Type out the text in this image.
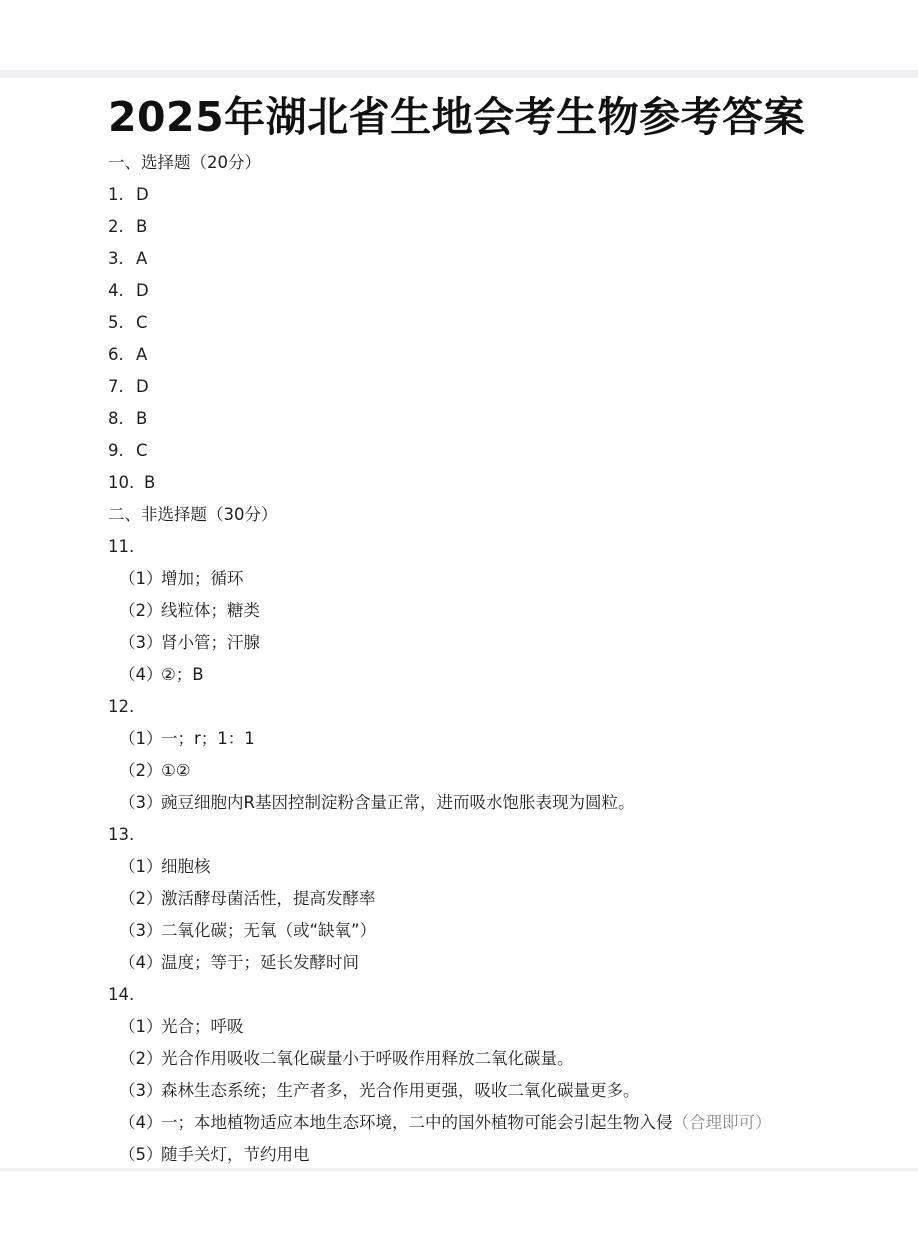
2025年湖北省生地会考生物参考答案
一、选择题（20分）
1. D
2. B
3. A
4. D
5. C
6. A
7. D
8. B
9. C
10. B
二、非选择题（30分）
11.
（1）增加；循环
（2）线粒体；糖类
（3）肾小管；汗腺
（4）②；B
12.
（1）一；r；1：1
（2）①②
（3）豌豆细胞内R基因控制淀粉含量正常，进而吸水饱胀表现为圆粒。
13.
（1）细胞核
（2）激活酵母菌活性，提高发酵率
（3）二氧化碳；无氧（或“缺氧”）
（4）温度；等于；延长发酵时间
14.
（1）光合；呼吸
（2）光合作用吸收二氧化碳量小于呼吸作用释放二氧化碳量。
（3）森林生态系统；生产者多，光合作用更强，吸收二氧化碳量更多。
（4）一；本地植物适应本地生态环境，二中的国外植物可能会引起生物入侵（合理即可）
（5）随手关灯，节约用电
